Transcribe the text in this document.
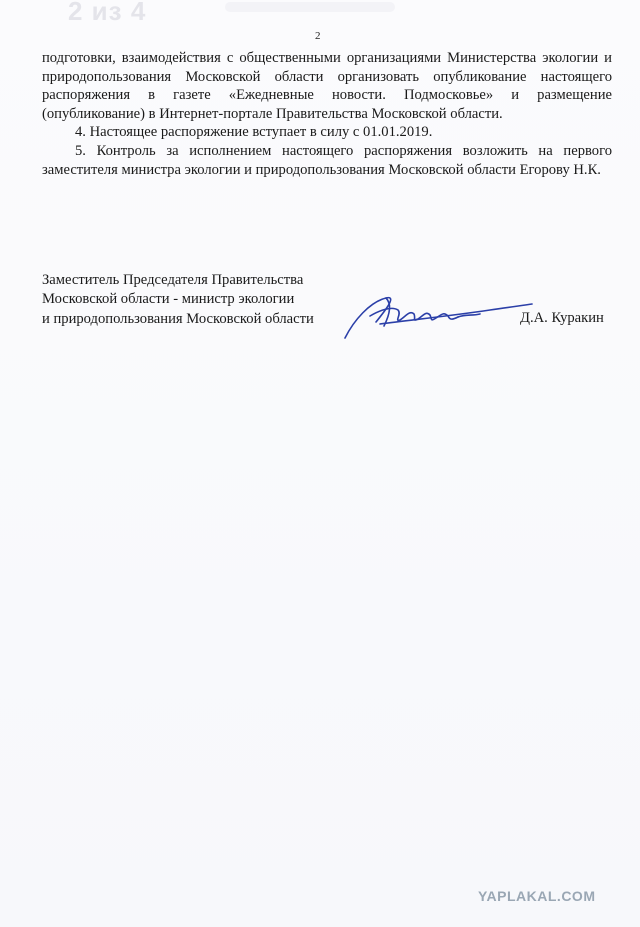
2 из 4
2

подготовки, взаимодействия с общественными организациями Министерства экологии и природопользования Московской области организовать опубликование настоящего распоряжения в газете «Ежедневные новости. Подмосковье» и размещение (опубликование) в Интернет-портале Правительства Московской области.

4. Настоящее распоряжение вступает в силу с 01.01.2019.

5. Контроль за исполнением настоящего распоряжения возложить на первого заместителя министра экологии и природопользования Московской области Егорову Н.К.

Заместитель Председателя Правительства
Московской области - министр экологии
и природопользования Московской области	Д.А. Куракин
YAPLAKAL.COM
